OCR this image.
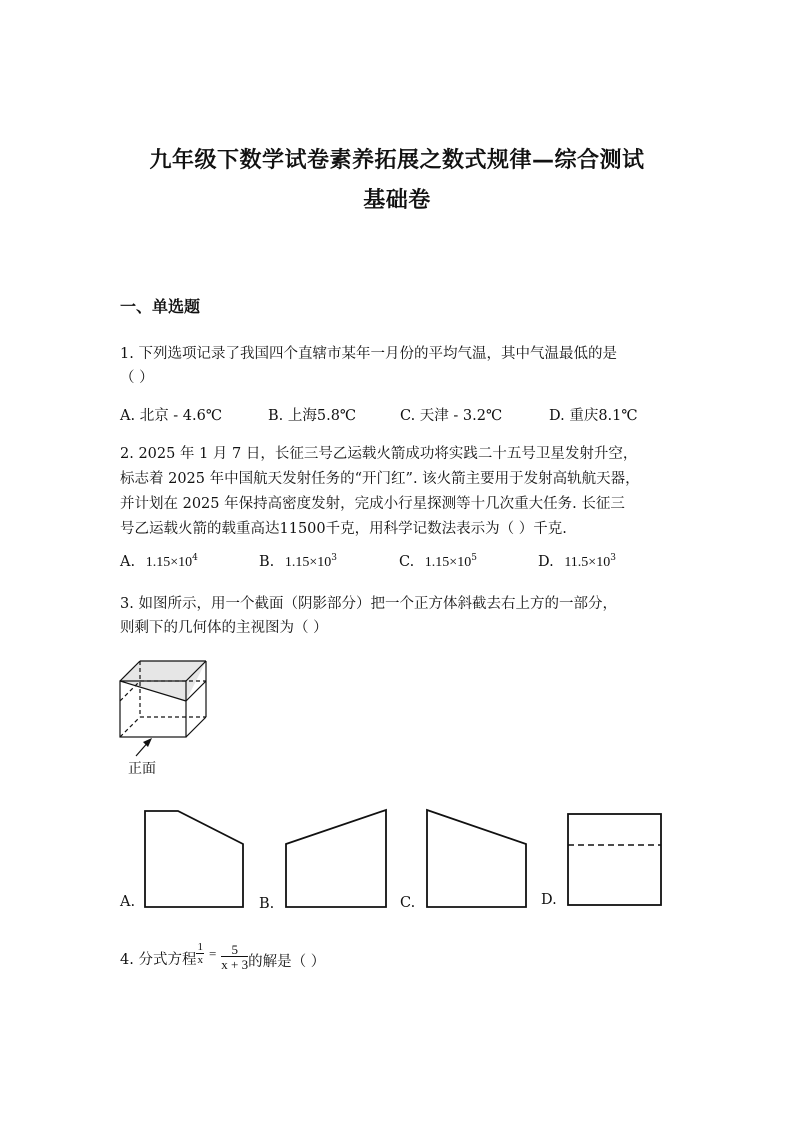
九年级下数学试卷素养拓展之数式规律—综合测试
基础卷
一、单选题
1. 下列选项记录了我国四个直辖市某年一月份的平均气温，其中气温最低的是
（ ）
A. 北京 - 4.6℃	B. 上海5.8℃	C. 天津 - 3.2℃	D. 重庆8.1℃
2. 2025 年 1 月 7 日，长征三号乙运载火箭成功将实践二十五号卫星发射升空，
标志着 2025 年中国航天发射任务的“开门红”. 该火箭主要用于发射高轨航天器，
并计划在 2025 年保持高密度发射，完成小行星探测等十几次重大任务. 长征三
号乙运载火箭的载重高达11500千克，用科学记数法表示为（ ）千克.
A. $1.15\times 10^4$	B. $1.15\times 10^3$	C. $1.15\times 10^5$	D. $11.5\times 10^3$
3. 如图所示，用一个截面（阴影部分）把一个正方体斜截去右上方的一部分，
则剩下的几何体的主视图为（ ）
正面
A.	B.	C.	D.
4. 分式方程 $\frac{1}{x} = \frac{5}{x + 3}$ 的解是（ ）
